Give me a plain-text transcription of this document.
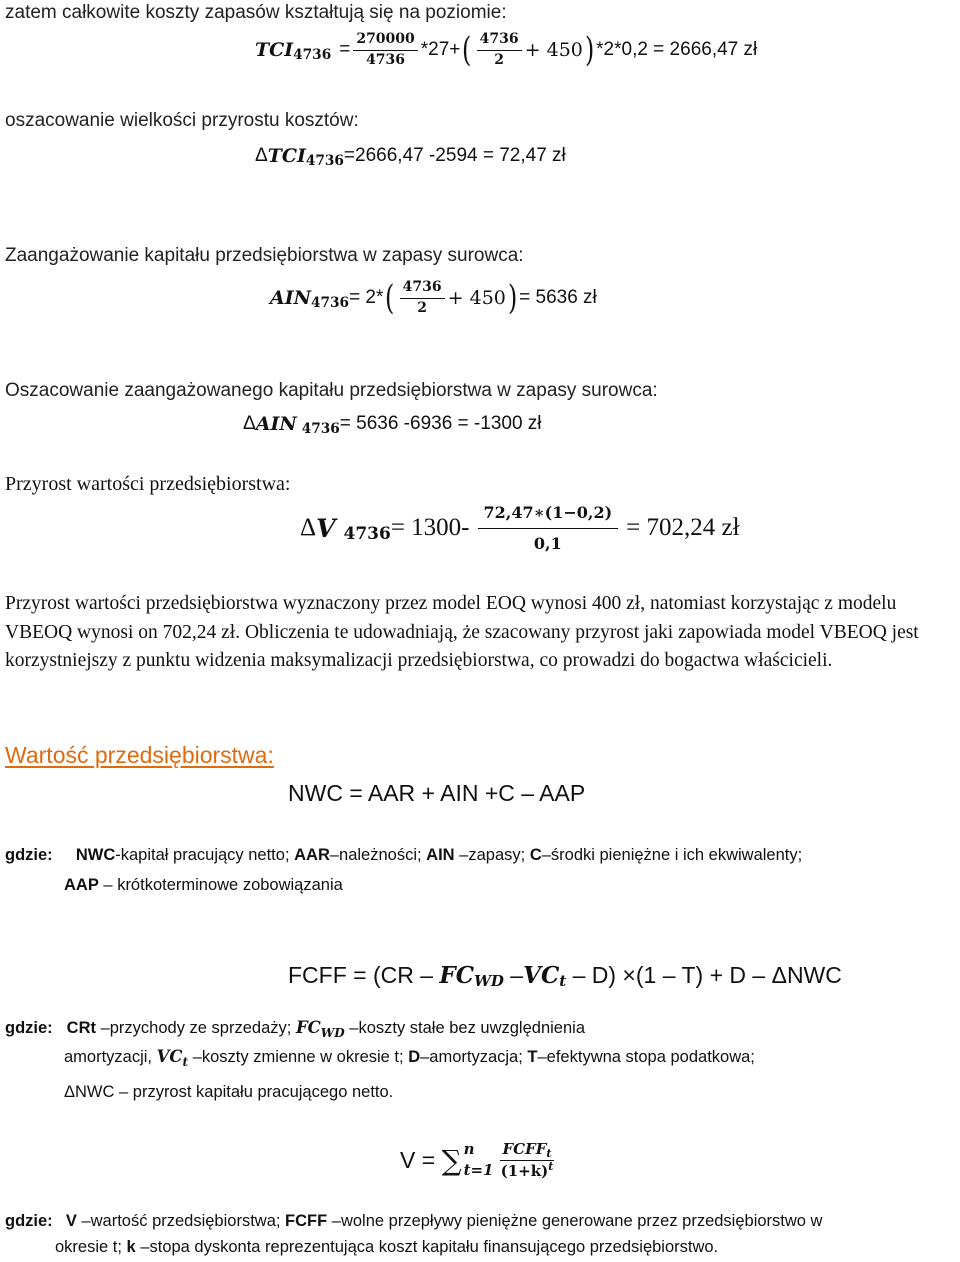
zatem całkowite koszty zapasów kształtują się na poziomie:
TCI $4736 = \frac{270000}{4736} *27+$ ( $\frac{4736}{2} + 450$ ) *2*0,2 = 2666,47 zł
oszacowanie wielkości przyrostu kosztów:
Δ TCI 4736 =2666,47 -2594 = 72,47 zł
Zaangażowanie kapitału przedsiębiorstwa w zapasy surowca:
AIN 4736 = 2* ( $\frac{4736}{2} + 450$ ) = 5636 zł
Oszacowanie zaangażowanego kapitału przedsiębiorstwa w zapasy surowca:
Δ AIN 4736 = 5636 -6936 = -1300 zł
Przyrost wartości przedsiębiorstwa:
Δ V $4736 = 1300- \frac{72,47∗(1-0,2)}{0,1} = 702,24$ zł
Przyrost wartości przedsiębiorstwa wyznaczony przez model EOQ wynosi 400 zł, natomiast korzystając z modelu VBEOQ wynosi on 702,24 zł. Obliczenia te udowadniają, że szacowany przyrost jaki zapowiada model VBEOQ jest korzystniejszy z punktu widzenia maksymalizacji przedsiębiorstwa, co prowadzi do bogactwa właścicieli.
Wartość przedsiębiorstwa:
NWC = AAR + AIN +C – AAP
gdzie: NWC-kapitał pracujący netto; AAR–należności; AIN –zapasy; C–środki pieniężne i ich ekwiwalenty;
AAP – krótkoterminowe zobowiązania
FCFF = (CR – FC WD – VC t – D) ×(1 – T) + D – ΔNWC
gdzie: CRt –przychody ze sprzedaży; FC WD –koszty stałe bez uwzględnienia
amortyzacji, VC t –koszty zmienne w okresie t; D –amortyzacja; T –efektywna stopa podatkowa;
ΔNWC – przyrost kapitału pracującego netto.
V = ∑ n
$t=1 \frac{FCFF_t}{(1+k)^t}$
gdzie: V –wartość przedsiębiorstwa; FCFF –wolne przepływy pieniężne generowane przez przedsiębiorstwo w
okresie t; k –stopa dyskonta reprezentująca koszt kapitału finansującego przedsiębiorstwo.
